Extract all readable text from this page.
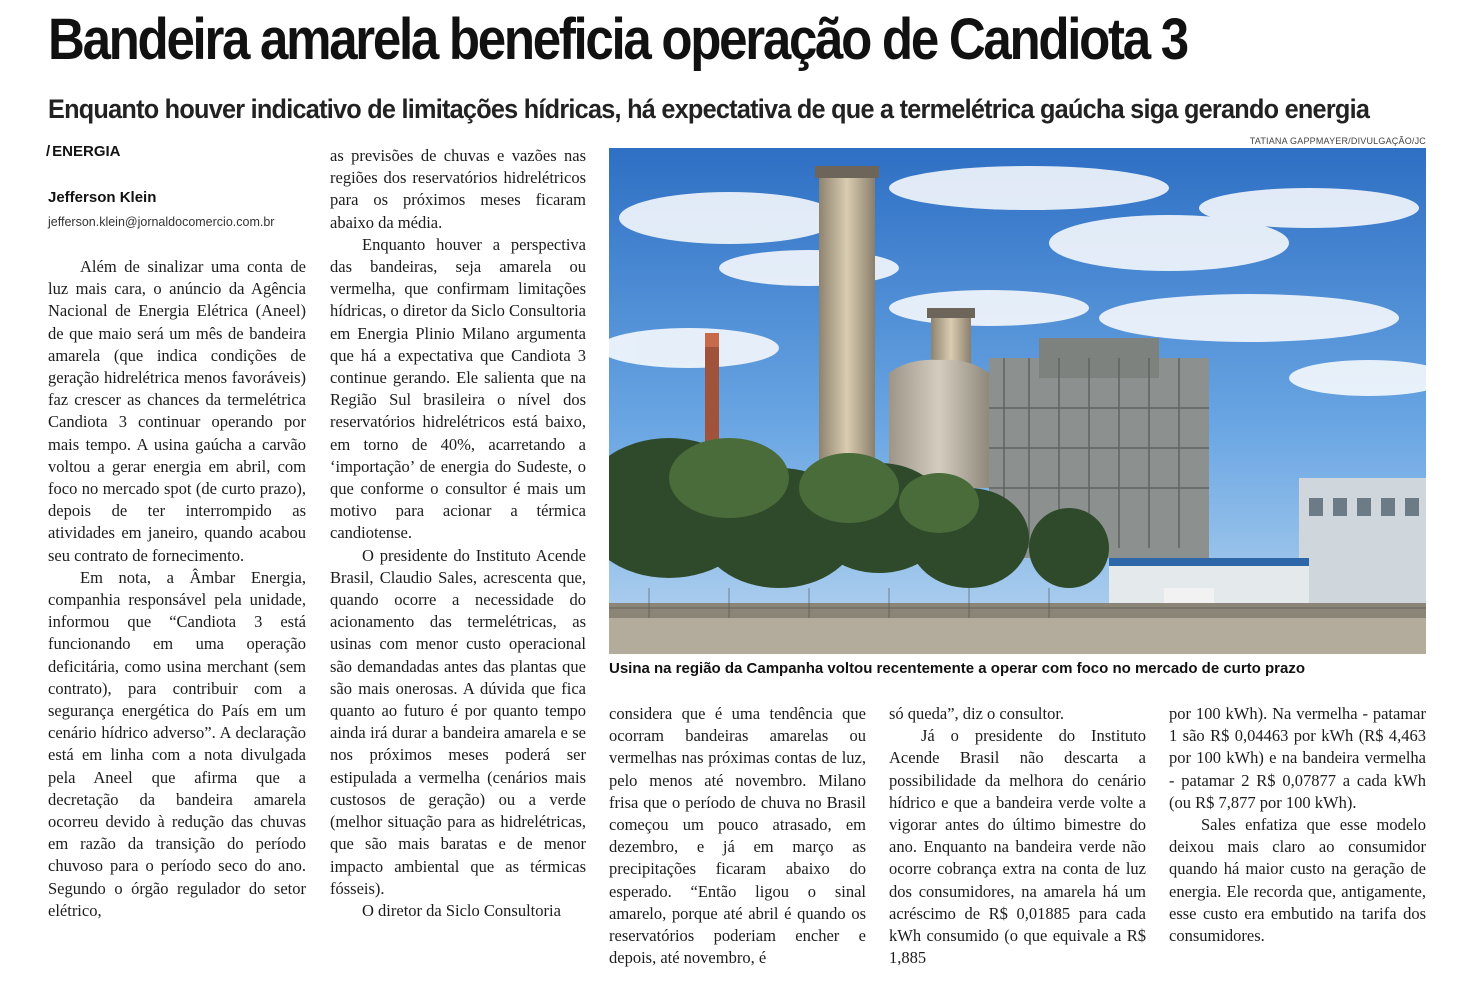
Bandeira amarela beneficia operação de Candiota 3
Enquanto houver indicativo de limitações hídricas, há expectativa de que a termelétrica gaúcha siga gerando energia
/ ENERGIA
Jefferson Klein
jefferson.klein@jornaldocomercio.com.br

Além de sinalizar uma conta de luz mais cara, o anúncio da Agência Nacional de Energia Elétrica (Aneel) de que maio será um mês de bandeira amarela (que indica condições de geração hidrelétrica menos favoráveis) faz crescer as chances da termelétrica Candiota 3 continuar operando por mais tempo. A usina gaúcha a carvão voltou a gerar energia em abril, com foco no mercado spot (de curto prazo), depois de ter interrompido as atividades em janeiro, quando acabou seu contrato de fornecimento.

Em nota, a Âmbar Energia, companhia responsável pela unidade, informou que “Candiota 3 está funcionando em uma operação deficitária, como usina merchant (sem contrato), para contribuir com a segurança energética do País em um cenário hídrico adverso”. A declaração está em linha com a nota divulgada pela Aneel que afirma que a decretação da bandeira amarela ocorreu devido à redução das chuvas em razão da transição do período chuvoso para o período seco do ano. Segundo o órgão regulador do setor elétrico,

as previsões de chuvas e vazões nas regiões dos reservatórios hidrelétricos para os próximos meses ficaram abaixo da média.

Enquanto houver a perspectiva das bandeiras, seja amarela ou vermelha, que confirmam limitações hídricas, o diretor da Siclo Consultoria em Energia Plinio Milano argumenta que há a expectativa que Candiota 3 continue gerando. Ele salienta que na Região Sul brasileira o nível dos reservatórios hidrelétricos está baixo, em torno de 40%, acarretando a ‘importação’ de energia do Sudeste, o que conforme o consultor é mais um motivo para acionar a térmica candiotense.

O presidente do Instituto Acende Brasil, Claudio Sales, acrescenta que, quando ocorre a necessidade do acionamento das termelétricas, as usinas com menor custo operacional são demandadas antes das plantas que são mais onerosas. A dúvida que fica quanto ao futuro é por quanto tempo ainda irá durar a bandeira amarela e se nos próximos meses poderá ser estipulada a vermelha (cenários mais custosos de geração) ou a verde (melhor situação para as hidrelétricas, que são mais baratas e de menor impacto ambiental que as térmicas fósseis).

O diretor da Siclo Consultoria

TATIANA GAPPMAYER/DIVULGAÇÃO/JC
Usina na região da Campanha voltou recentemente a operar com foco no mercado de curto prazo

considera que é uma tendência que ocorram bandeiras amarelas ou vermelhas nas próximas contas de luz, pelo menos até novembro. Milano frisa que o período de chuva no Brasil começou um pouco atrasado, em dezembro, e já em março as precipitações ficaram abaixo do esperado. “Então ligou o sinal amarelo, porque até abril é quando os reservatórios poderiam encher e depois, até novembro, é

só queda”, diz o consultor.

Já o presidente do Instituto Acende Brasil não descarta a possibilidade da melhora do cenário hídrico e que a bandeira verde volte a vigorar antes do último bimestre do ano. Enquanto na bandeira verde não ocorre cobrança extra na conta de luz dos consumidores, na amarela há um acréscimo de R$ 0,01885 para cada kWh consumido (o que equivale a R$ 1,885

por 100 kWh). Na vermelha - patamar 1 são R$ 0,04463 por kWh (R$ 4,463 por 100 kWh) e na bandeira vermelha - patamar 2 R$ 0,07877 a cada kWh (ou R$ 7,877 por 100 kWh).

Sales enfatiza que esse modelo deixou mais claro ao consumidor quando há maior custo na geração de energia. Ele recorda que, antigamente, esse custo era embutido na tarifa dos consumidores.
